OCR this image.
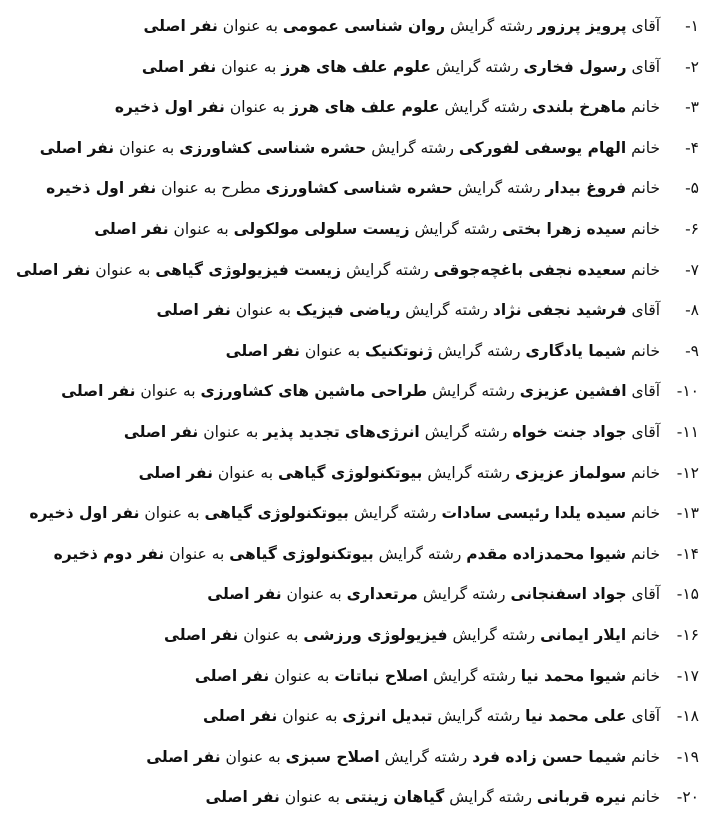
۱- آقای پرویز پرزور رشته گرایش روان شناسی عمومی به عنوان نفر اصلی
۲- آقای رسول فخاری رشته گرایش علوم علف های هرز به عنوان نفر اصلی
۳- خانم ماهرخ بلندی رشته گرایش علوم علف های هرز به عنوان نفر اول ذخیره
۴- خانم الهام یوسفی لفورکی رشته گرایش حشره شناسی کشاورزی به عنوان نفر اصلی
۵- خانم فروغ بیدار رشته گرایش حشره شناسی کشاورزی مطرح به عنوان نفر اول ذخیره
۶- خانم سیده زهرا بختی رشته گرایش زیست سلولی مولکولی به عنوان نفر اصلی
۷- خانم سعیده نجفی باغچه‌جوقی رشته گرایش زیست فیزیولوژی گیاهی به عنوان نفر اصلی
۸- آقای فرشید نجفی نژاد رشته گرایش ریاضی فیزیک به عنوان نفر اصلی
۹- خانم شیما یادگاری رشته گرایش ژنوتکنیک به عنوان نفر اصلی
۱۰- آقای افشین عزیزی رشته گرایش طراحی ماشین های کشاورزی به عنوان نفر اصلی
۱۱- آقای جواد جنت خواه رشته گرایش انرژی‌های تجدید پذیر به عنوان نفر اصلی
۱۲- خانم سولماز عزیزی رشته گرایش بیوتکنولوژی گیاهی به عنوان نفر اصلی
۱۳- خانم سیده یلدا رئیسی سادات رشته گرایش بیوتکنولوژی گیاهی به عنوان نفر اول ذخیره
۱۴- خانم شیوا محمدزاده مقدم رشته گرایش بیوتکنولوژی گیاهی به عنوان نفر دوم ذخیره
۱۵- آقای جواد اسفنجانی رشته گرایش مرتعداری به عنوان نفر اصلی
۱۶- خانم ایلار ایمانی رشته گرایش فیزیولوژی ورزشی به عنوان نفر اصلی
۱۷- خانم شیوا محمد نیا رشته گرایش اصلاح نباتات به عنوان نفر اصلی
۱۸- آقای علی محمد نیا رشته گرایش تبدیل انرژی به عنوان نفر اصلی
۱۹- خانم شیما حسن زاده فرد رشته گرایش اصلاح سبزی به عنوان نفر اصلی
۲۰- خانم نیره قربانی رشته گرایش گیاهان زینتی به عنوان نفر اصلی
